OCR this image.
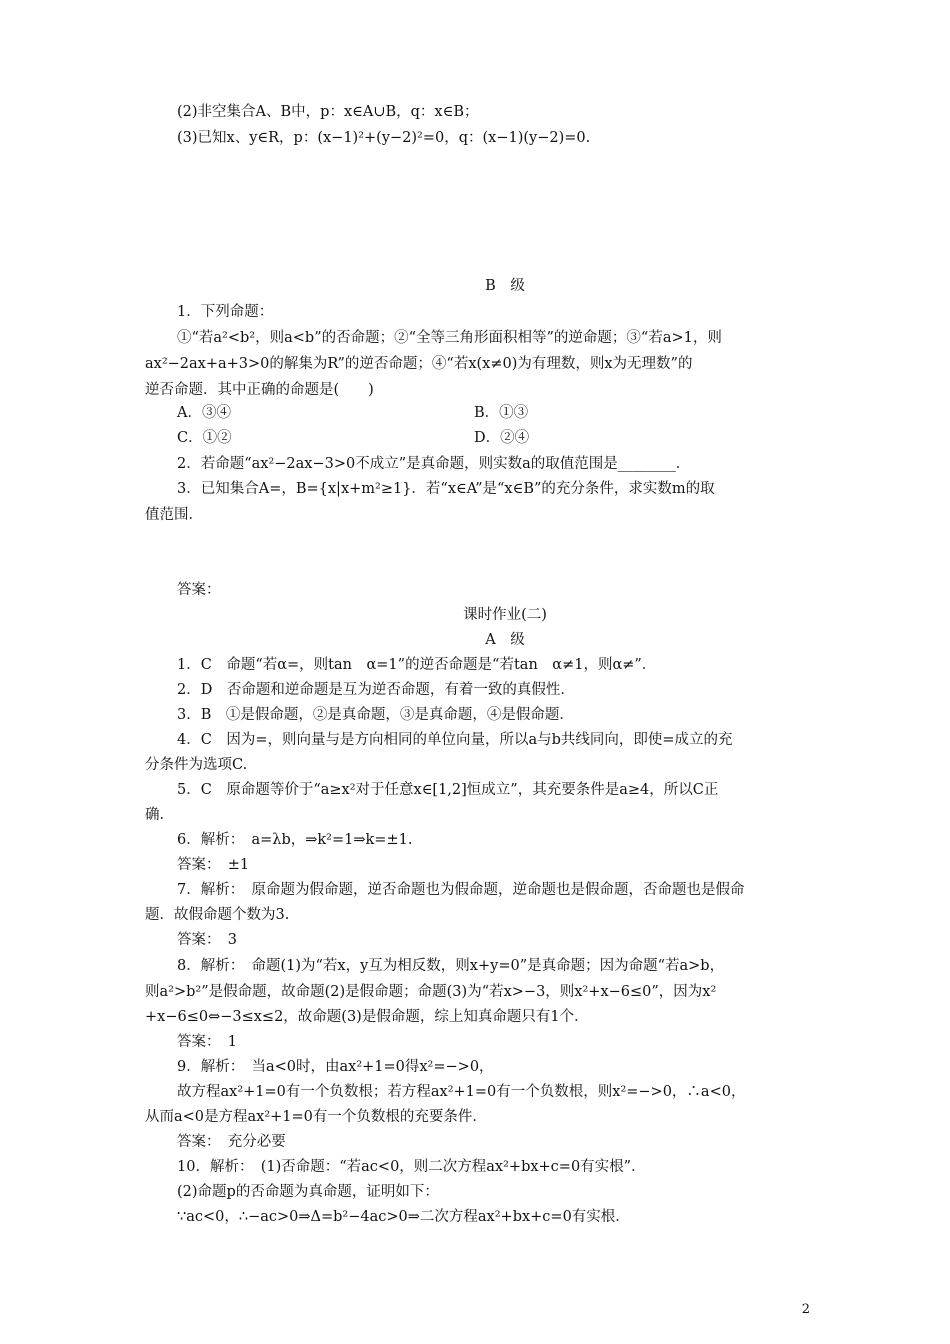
(2)非空集合A、B中，p：x∈A∪B，q：x∈B；
(3)已知x、y∈R，p：(x−1)²+(y−2)²=0，q：(x−1)(y−2)=0.
B　级
1．下列命题：
①“若a²<b²，则a<b”的否命题；②“全等三角形面积相等”的逆命题；③“若a>1，则
ax²−2ax+a+3>0的解集为R”的逆否命题；④“若x(x≠0)为有理数，则x为无理数”的
逆否命题．其中正确的命题是(　　)
A．③④	B．①③
C．①②	D．②④
2．若命题“ax²−2ax−3>0不成立”是真命题，则实数a的取值范围是________．
3．已知集合A=，B={x|x+m²≥1}．若“x∈A”是“x∈B”的充分条件，求实数m的取
值范围．
答案：
课时作业(二)
A　级
1．C　命题“若α=，则tan　α=1”的逆否命题是“若tan　α≠1，则α≠”．
2．D　否命题和逆命题是互为逆否命题，有着一致的真假性．
3．B　①是假命题，②是真命题，③是真命题，④是假命题．
4．C　因为=，则向量与是方向相同的单位向量，所以a与b共线同向，即使=成立的充
分条件为选项C.
5．C　原命题等价于“a≥x²对于任意x∈[1,2]恒成立”，其充要条件是a≥4，所以C正
确．
6．解析：　a=λb，⇒k²=1⇒k=±1.
答案：　±1
7．解析：　原命题为假命题，逆否命题也为假命题，逆命题也是假命题，否命题也是假命
题．故假命题个数为3.
答案：　3
8．解析：　命题(1)为“若x，y互为相反数，则x+y=0”是真命题；因为命题“若a>b，
则a²>b²”是假命题，故命题(2)是假命题；命题(3)为“若x>−3，则x²+x−6≤0”，因为x²
+x−6≤0⇔−3≤x≤2，故命题(3)是假命题，综上知真命题只有1个．
答案：　1
9．解析：　当a<0时，由ax²+1=0得x²=−>0，
故方程ax²+1=0有一个负数根；若方程ax²+1=0有一个负数根，则x²=−>0，∴a<0，
从而a<0是方程ax²+1=0有一个负数根的充要条件．
答案：　充分必要
10．解析：　(1)否命题：“若ac<0，则二次方程ax²+bx+c=0有实根”．
(2)命题p的否命题为真命题，证明如下：
∵ac<0，∴−ac>0⇒Δ=b²−4ac>0⇒二次方程ax²+bx+c=0有实根．
2
